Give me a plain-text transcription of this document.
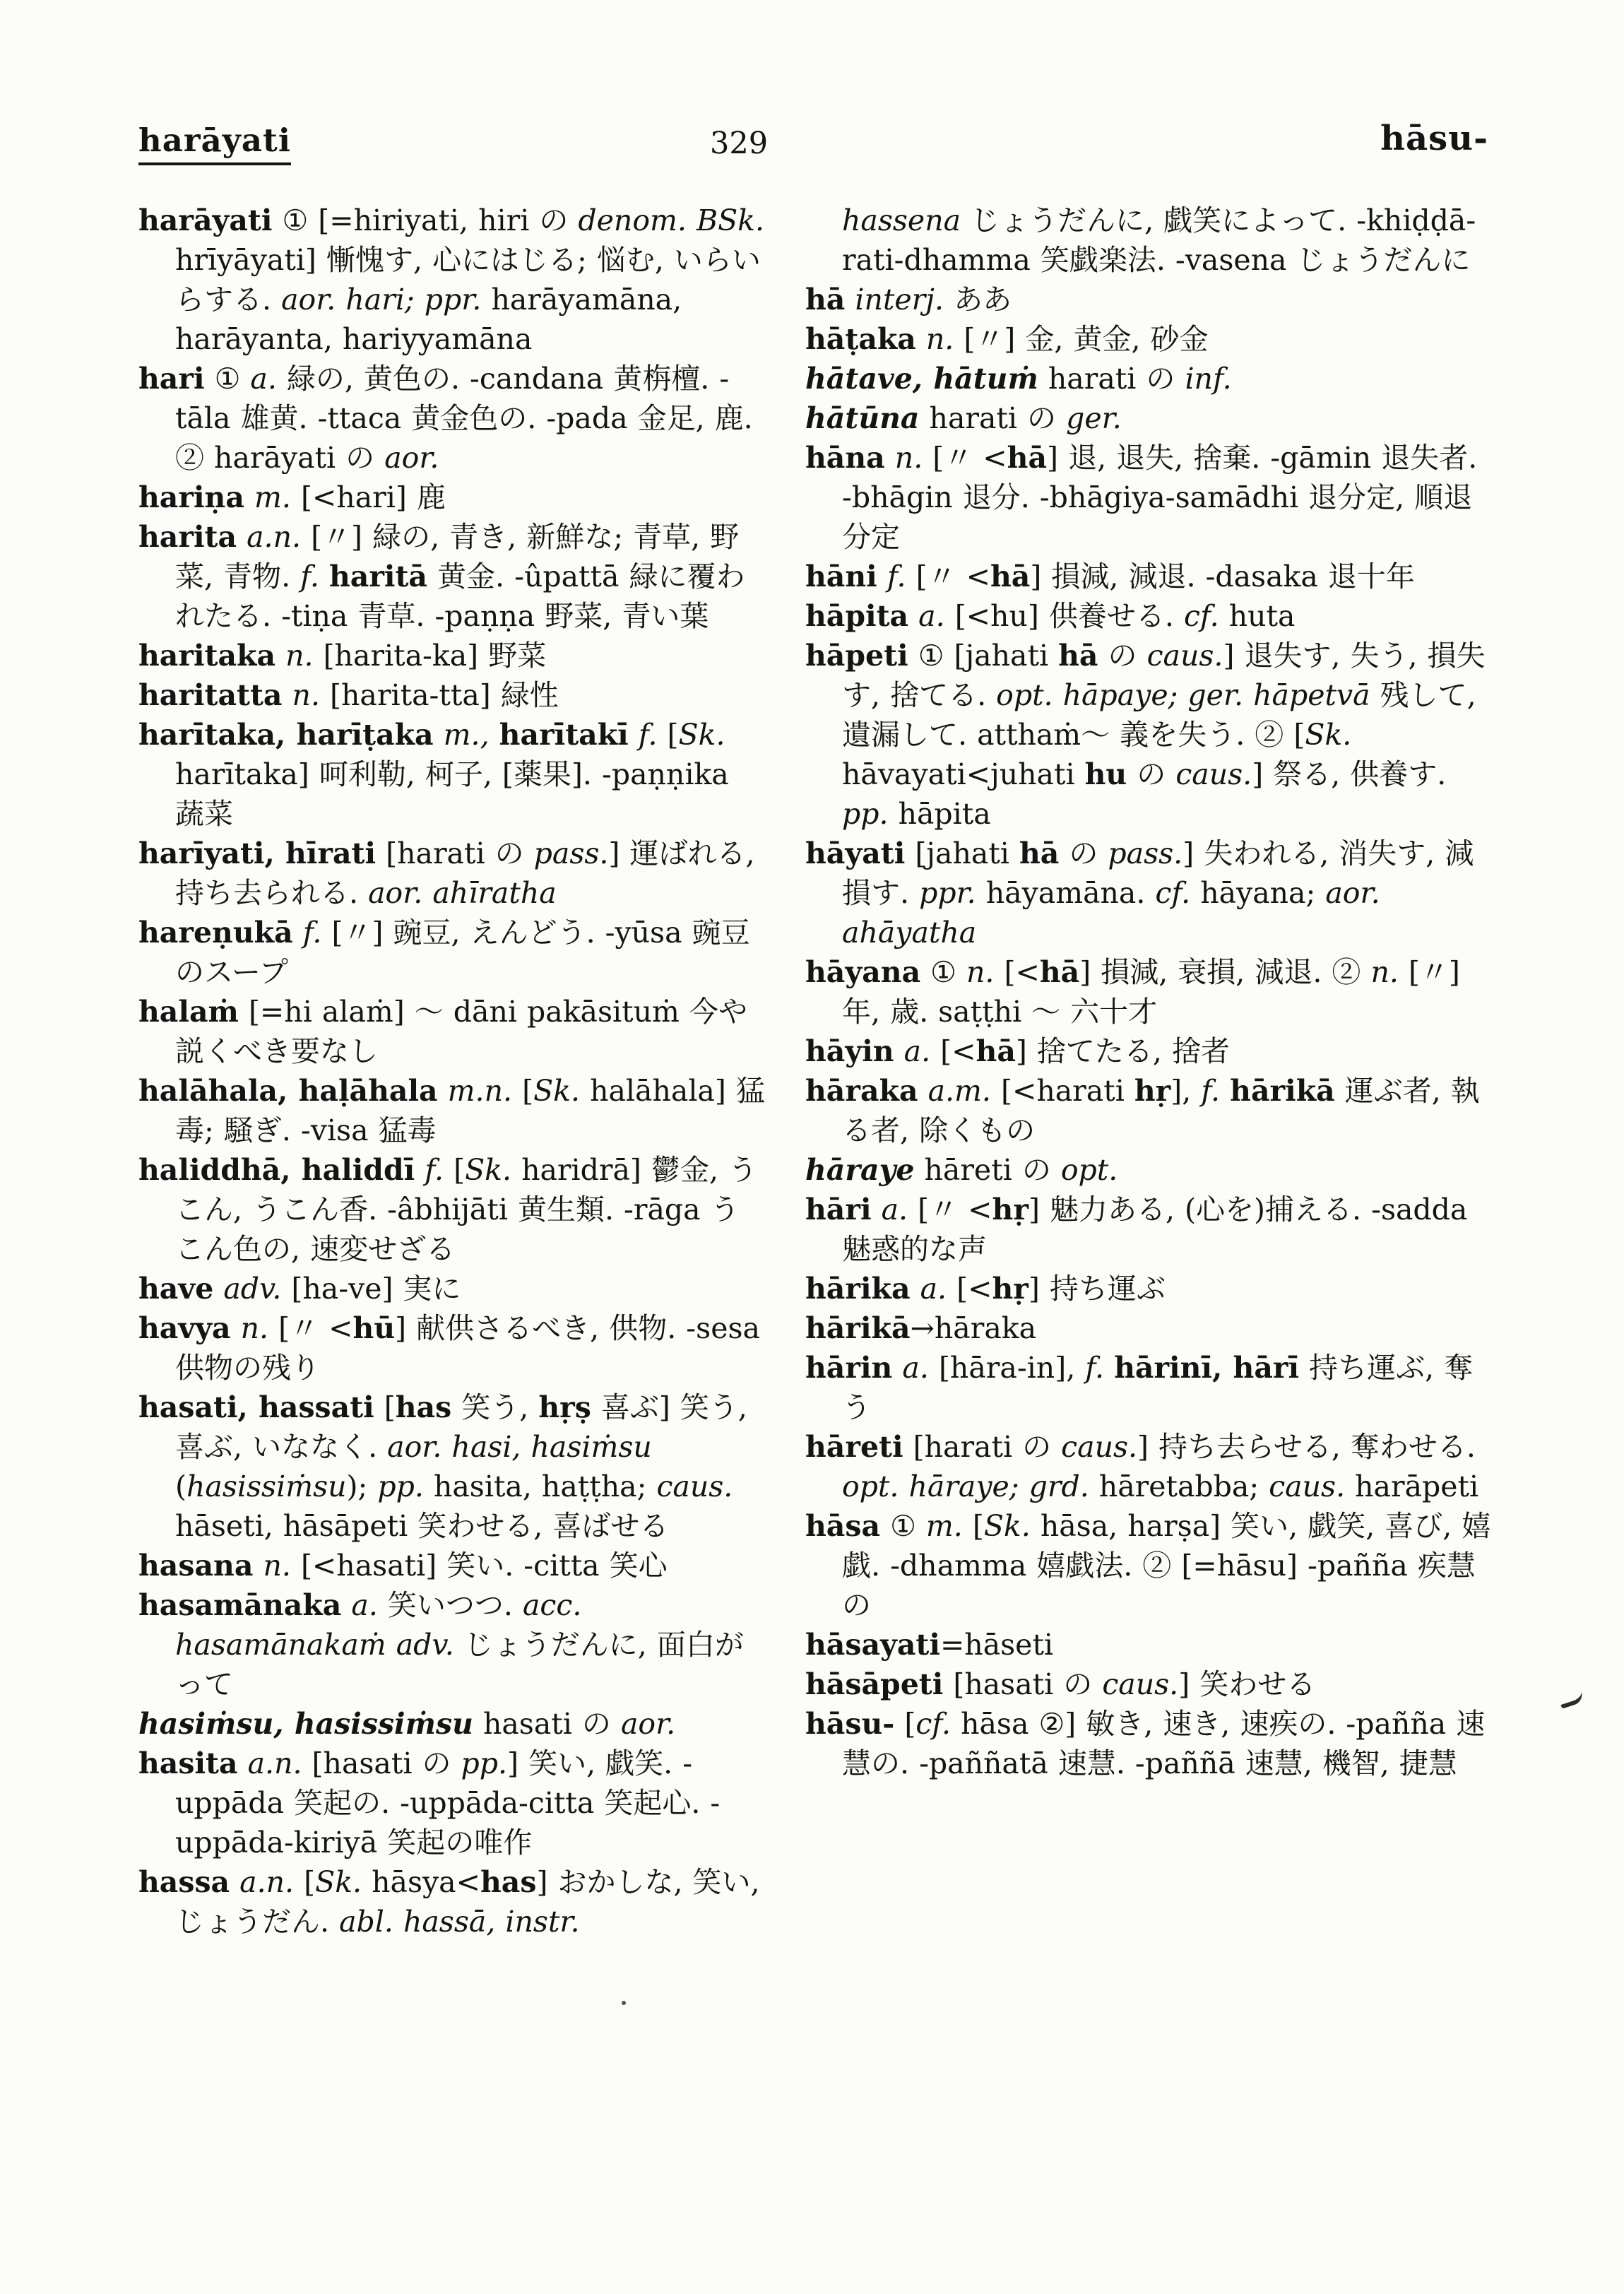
harāyati	329	hāsu-

harāyati ① [=hiriyati, hiri の denom. BSk. hrīyāyati] 慚愧す, 心にはじる; 悩む, いらいらする. aor. hari; ppr. harāyamāna, harāyanta, hariyyamāna

hari ① a. 緑の, 黄色の. -candana 黄栴檀. -tāla 雄黄. -ttaca 黄金色の. -pada 金足, 鹿. ② harāyati の aor.

hariṇa m. [<hari] 鹿

harita a.n. [〃] 緑の, 青き, 新鮮な; 青草, 野菜, 青物. f. haritā 黄金. -ûpattā 緑に覆われたる. -tiṇa 青草. -paṇṇa 野菜, 青い葉

haritaka n. [harita-ka] 野菜

haritatta n. [harita-tta] 緑性

harītaka, harīṭaka m., harītakī f. [Sk. harītaka] 呵利勒, 柯子, [薬果]. -paṇṇika 蔬菜

harīyati, hīrati [harati の pass.] 運ばれる, 持ち去られる. aor. ahīratha

hareṇukā f. [〃] 豌豆, えんどう. -yūsa 豌豆のスープ

halaṁ [=hi alaṁ] ～ dāni pakāsituṁ 今や説くべき要なし

halāhala, haḷāhala m.n. [Sk. halāhala] 猛毒; 騒ぎ. -visa 猛毒

haliddhā, haliddī f. [Sk. haridrā] 鬱金, うこん, うこん香. -âbhijāti 黄生類. -rāga うこん色の, 速変せざる

have adv. [ha-ve] 実に

havya n. [〃 <hū] 献供さるべき, 供物. -sesa 供物の残り

hasati, hassati [has 笑う, hṛṣ 喜ぶ] 笑う, 喜ぶ, いななく. aor. hasi, hasiṁsu (hasissiṁsu); pp. hasita, haṭṭha; caus. hāseti, hāsāpeti 笑わせる, 喜ばせる

hasana n. [<hasati] 笑い. -citta 笑心

hasamānaka a. 笑いつつ. acc. hasamānakaṁ adv. じょうだんに, 面白がって

hasiṁsu, hasissiṁsu hasati の aor.

hasita a.n. [hasati の pp.] 笑い, 戯笑. -uppāda 笑起の. -uppāda-citta 笑起心. -uppāda-kiriyā 笑起の唯作

hassa a.n. [Sk. hāsya<has] おかしな, 笑い, じょうだん. abl. hassā, instr.

hassena じょうだんに, 戯笑によって. -khiḍḍā-rati-dhamma 笑戯楽法. -vasena じょうだんに

hā interj. ああ

hāṭaka n. [〃] 金, 黄金, 砂金

hātave, hātuṁ harati の inf.

hātūna harati の ger.

hāna n. [〃 <hā] 退, 退失, 捨棄. -gāmin 退失者. -bhāgin 退分. -bhāgiya-samādhi 退分定, 順退分定

hāni f. [〃 <hā] 損減, 減退. -dasaka 退十年

hāpita a. [<hu] 供養せる. cf. huta

hāpeti ① [jahati hā の caus.] 退失す, 失う, 損失す, 捨てる. opt. hāpaye; ger. hāpetvā 残して, 遺漏して. atthaṁ～ 義を失う. ② [Sk. hāvayati<juhati hu の caus.] 祭る, 供養す. pp. hāpita

hāyati [jahati hā の pass.] 失われる, 消失す, 減損す. ppr. hāyamāna. cf. hāyana; aor. ahāyatha

hāyana ① n. [<hā] 損減, 衰損, 減退. ② n. [〃] 年, 歳. saṭṭhi ～ 六十才

hāyin a. [<hā] 捨てたる, 捨者

hāraka a.m. [<harati hṛ], f. hārikā 運ぶ者, 執る者, 除くもの

hāraye hāreti の opt.

hāri a. [〃 <hṛ] 魅力ある, (心を)捕える. -sadda 魅惑的な声

hārika a. [<hṛ] 持ち運ぶ

hārikā→hāraka

hārin a. [hāra-in], f. hārinī, hārī 持ち運ぶ, 奪う

hāreti [harati の caus.] 持ち去らせる, 奪わせる. opt. hāraye; grd. hāretabba; caus. harāpeti

hāsa ① m. [Sk. hāsa, harṣa] 笑い, 戯笑, 喜び, 嬉戯. -dhamma 嬉戯法. ② [=hāsu] -pañña 疾慧の

hāsayati=hāseti

hāsāpeti [hasati の caus.] 笑わせる

hāsu- [cf. hāsa ②] 敏き, 速き, 速疾の. -pañña 速慧の. -paññatā 速慧. -paññā 速慧, 機智, 捷慧
